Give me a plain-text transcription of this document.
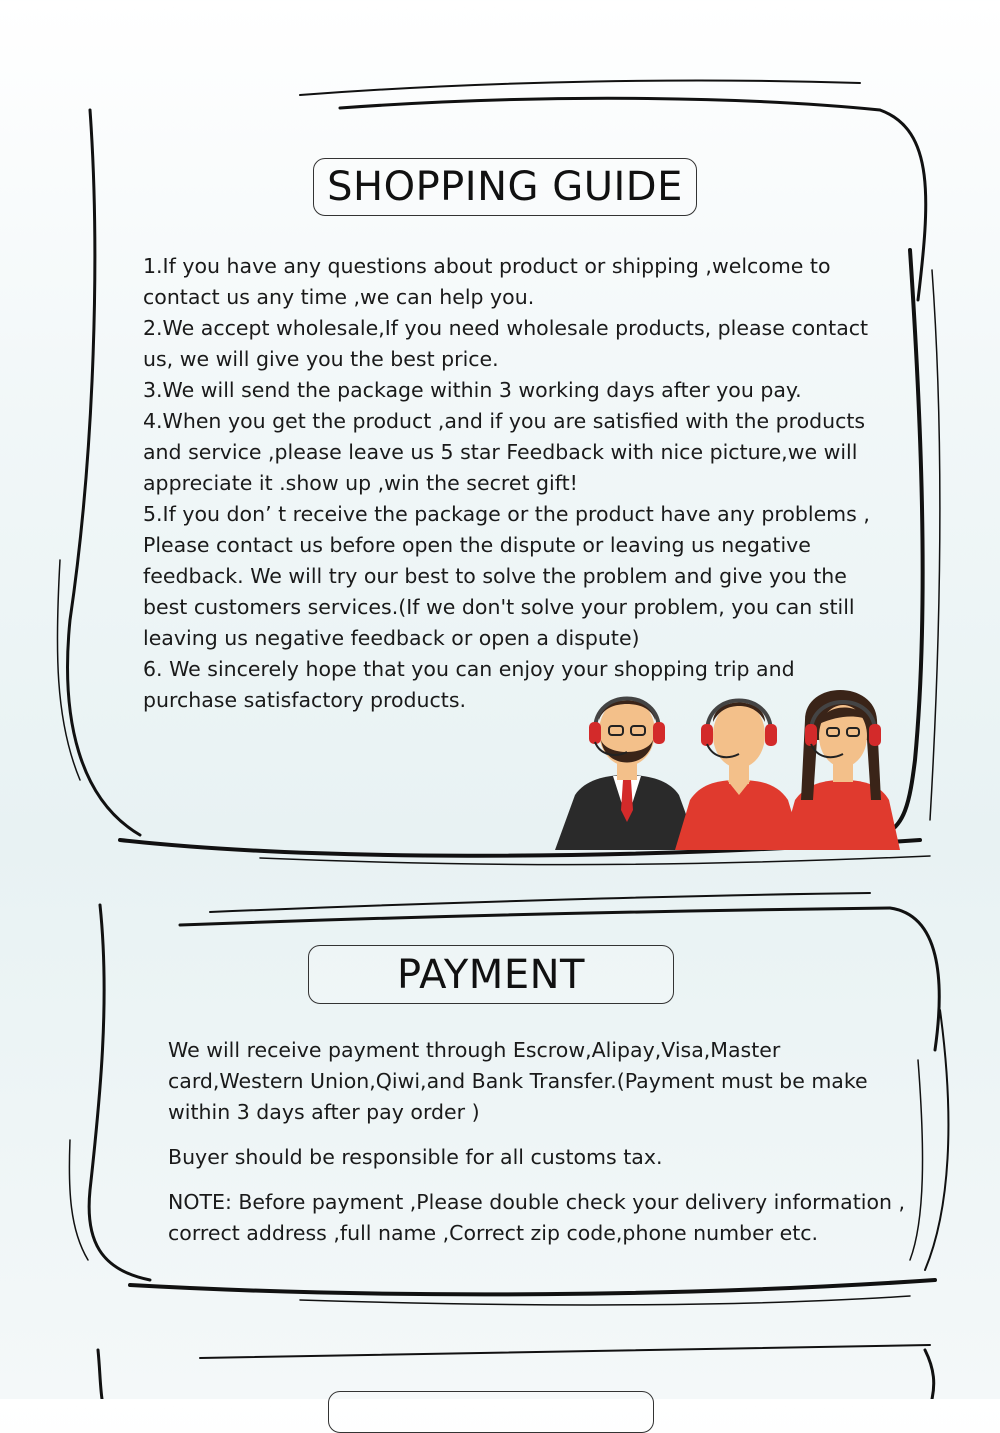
SHOPPING GUIDE

1.If you have any questions about product or shipping ,welcome to contact us any time ,we can help you.

2.We accept wholesale,If you need wholesale products, please contact us, we will give you the best price.

3.We will send the package within 3 working days after you pay.

4.When you get the product ,and if you are satisfied with the products and service ,please leave us 5 star Feedback with nice picture,we will appreciate it .show up ,win the secret gift!

5.If you don’ t receive the package or the product have any problems , Please contact us before open the dispute or leaving us negative feedback. We will try our best to solve the problem and give you the best customers services.(If we don't solve your problem, you can still leaving us negative feedback or open a dispute)

6. We sincerely hope that you can enjoy your shopping trip and purchase satisfactory products.

PAYMENT

We will receive payment through Escrow,Alipay,Visa,Master card,Western Union,Qiwi,and Bank Transfer.(Payment must be make within 3 days after pay order )

Buyer should be responsible for all customs tax.

NOTE: Before payment ,Please double check your delivery information , correct address ,full name ,Correct zip code,phone number etc.
